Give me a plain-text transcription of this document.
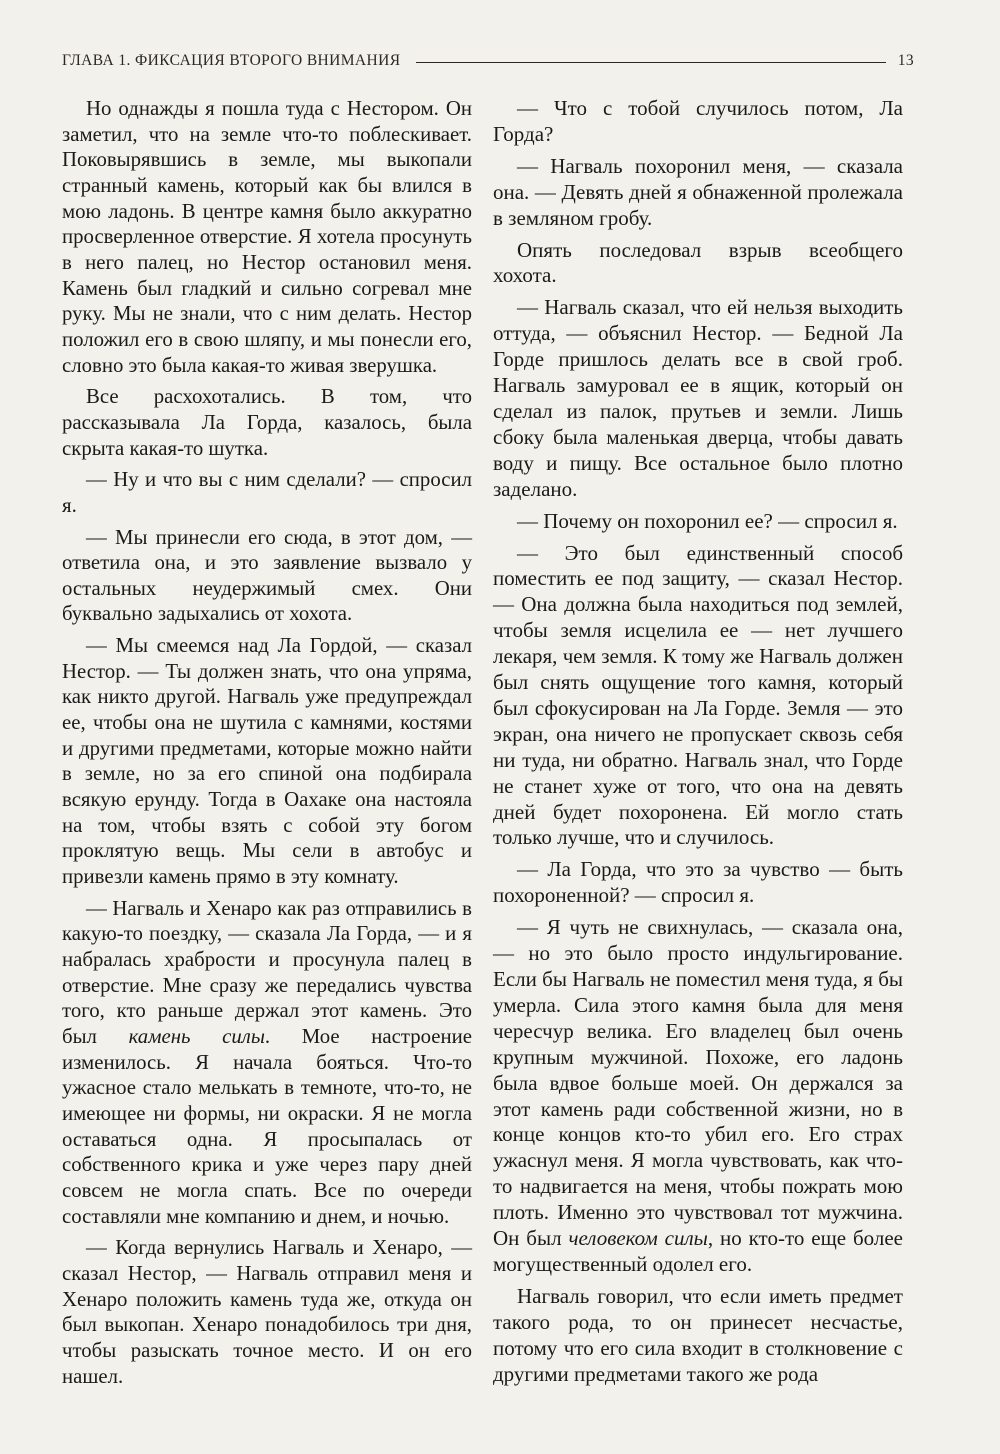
ГЛАВА 1. ФИКСАЦИЯ ВТОРОГО ВНИМАНИЯ	13

Но однажды я пошла туда с Нестором. Он заметил, что на земле что-то поблескивает. Поковырявшись в земле, мы выкопали странный камень, который как бы влился в мою ладонь. В центре камня было аккуратно просверленное отверстие. Я хотела просунуть в него палец, но Нестор остановил меня. Камень был гладкий и сильно согревал мне руку. Мы не знали, что с ним делать. Нестор положил его в свою шляпу, и мы понесли его, словно это была какая-то живая зверушка.

Все расхохотались. В том, что рассказывала Ла Горда, казалось, была скрыта какая-то шутка.

— Ну и что вы с ним сделали? — спросил я.

— Мы принесли его сюда, в этот дом, — ответила она, и это заявление вызвало у остальных неудержимый смех. Они буквально задыхались от хохота.

— Мы смеемся над Ла Гордой, — сказал Нестор. — Ты должен знать, что она упряма, как никто другой. Нагваль уже предупреждал ее, чтобы она не шутила с камнями, костями и другими предметами, которые можно найти в земле, но за его спиной она подбирала всякую ерунду. Тогда в Оахаке она настояла на том, чтобы взять с собой эту богом проклятую вещь. Мы сели в автобус и привезли камень прямо в эту комнату.

— Нагваль и Хенаро как раз отправились в какую-то поездку, — сказала Ла Горда, — и я набралась храбрости и просунула палец в отверстие. Мне сразу же передались чувства того, кто раньше держал этот камень. Это был камень силы. Мое настроение изменилось. Я начала бояться. Что-то ужасное стало мелькать в темноте, что-то, не имеющее ни формы, ни окраски. Я не могла оставаться одна. Я просыпалась от собственного крика и уже через пару дней совсем не могла спать. Все по очереди составляли мне компанию и днем, и ночью.

— Когда вернулись Нагваль и Хенаро, — сказал Нестор, — Нагваль отправил меня и Хенаро положить камень туда же, откуда он был выкопан. Хенаро понадобилось три дня, чтобы разыскать точное место. И он его нашел.

— Что с тобой случилось потом, Ла Горда?

— Нагваль похоронил меня, — сказала она. — Девять дней я обнаженной пролежала в земляном гробу.

Опять последовал взрыв всеобщего хохота.

— Нагваль сказал, что ей нельзя выходить оттуда, — объяснил Нестор. — Бедной Ла Горде пришлось делать все в свой гроб. Нагваль замуровал ее в ящик, который он сделал из палок, прутьев и земли. Лишь сбоку была маленькая дверца, чтобы давать воду и пищу. Все остальное было плотно заделано.

— Почему он похоронил ее? — спросил я.

— Это был единственный способ поместить ее под защиту, — сказал Нестор. — Она должна была находиться под землей, чтобы земля исцелила ее — нет лучшего лекаря, чем земля. К тому же Нагваль должен был снять ощущение того камня, который был сфокусирован на Ла Горде. Земля — это экран, она ничего не пропускает сквозь себя ни туда, ни обратно. Нагваль знал, что Горде не станет хуже от того, что она на девять дней будет похоронена. Ей могло стать только лучше, что и случилось.

— Ла Горда, что это за чувство — быть похороненной? — спросил я.

— Я чуть не свихнулась, — сказала она, — но это было просто индульгирование. Если бы Нагваль не поместил меня туда, я бы умерла. Сила этого камня была для меня чересчур велика. Его владелец был очень крупным мужчиной. Похоже, его ладонь была вдвое больше моей. Он держался за этот камень ради собственной жизни, но в конце концов кто-то убил его. Его страх ужаснул меня. Я могла чувствовать, как что-то надвигается на меня, чтобы пожрать мою плоть. Именно это чувствовал тот мужчина. Он был человеком силы, но кто-то еще более могущественный одолел его.

Нагваль говорил, что если иметь предмет такого рода, то он принесет несчастье, потому что его сила входит в столкновение с другими предметами такого же рода
